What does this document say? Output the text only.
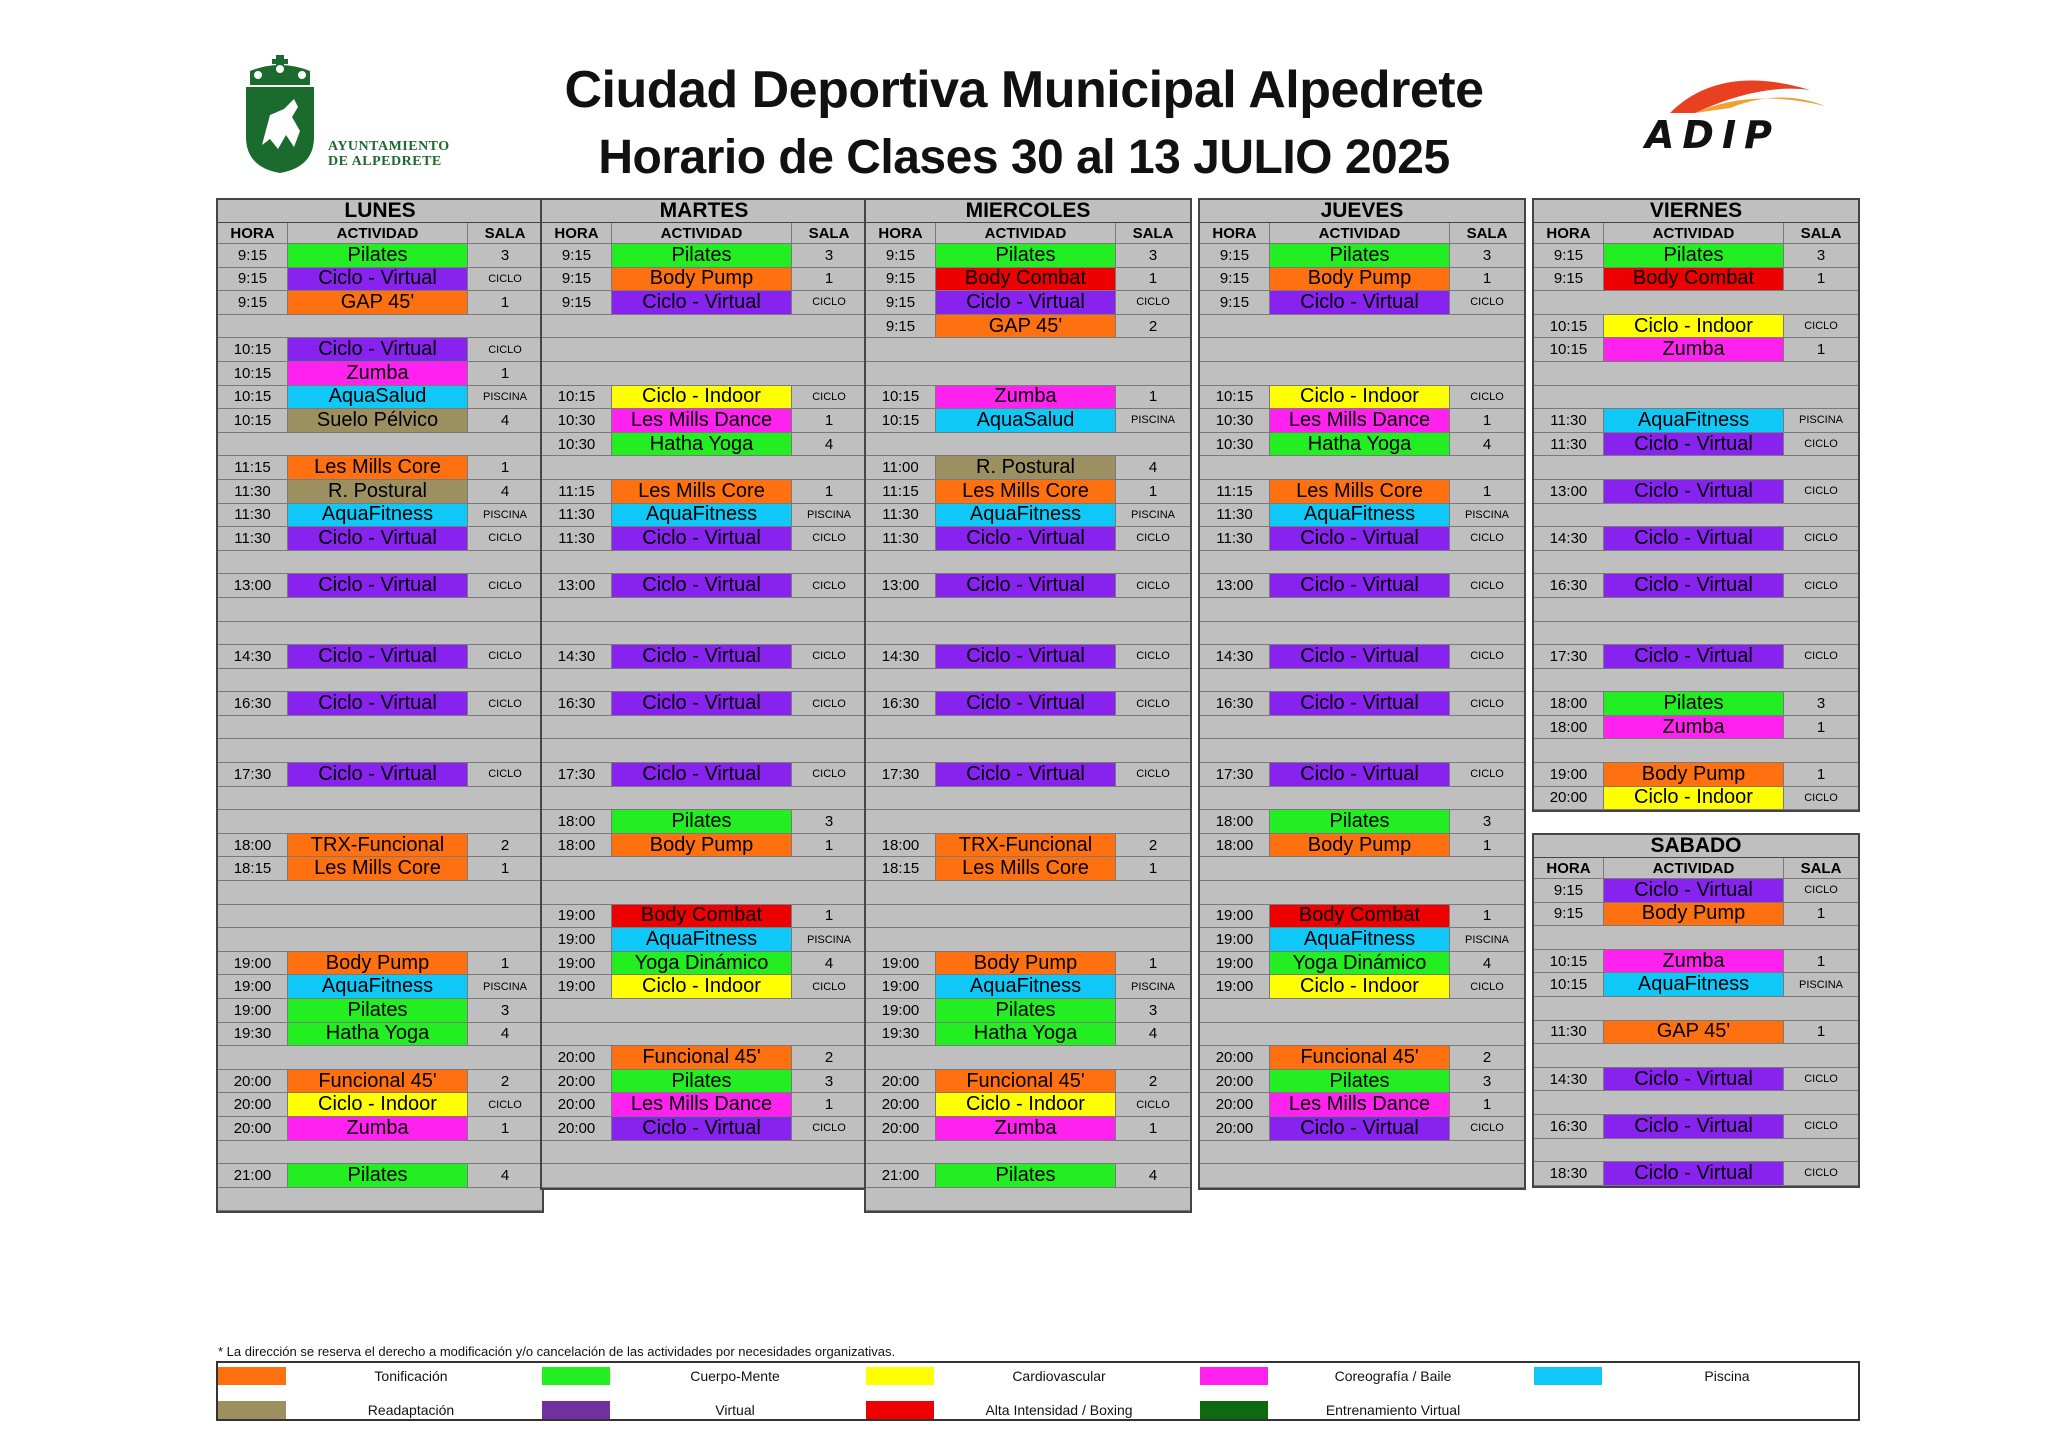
AYUNTAMIENTO
DE ALPEDRETE
Ciudad Deportiva Municipal Alpedrete
Horario de Clases 30 al 13 JULIO 2025	ADIP
LUNES
HORA	ACTIVIDAD	SALA
9:15	Pilates	3
9:15	Ciclo - Virtual	CICLO
9:15	GAP 45'	1
10:15	Ciclo - Virtual	CICLO
10:15	Zumba	1
10:15	AquaSalud	PISCINA
10:15	Suelo Pélvico	4
11:15	Les Mills Core	1
11:30	R. Postural	4
11:30	AquaFitness	PISCINA
11:30	Ciclo - Virtual	CICLO
13:00	Ciclo - Virtual	CICLO
14:30	Ciclo - Virtual	CICLO
16:30	Ciclo - Virtual	CICLO
17:30	Ciclo - Virtual	CICLO
18:00	TRX-Funcional	2
18:15	Les Mills Core	1
19:00	Body Pump	1
19:00	AquaFitness	PISCINA
19:00	Pilates	3
19:30	Hatha Yoga	4
20:00	Funcional 45'	2
20:00	Ciclo - Indoor	CICLO
20:00	Zumba	1
21:00	Pilates	4
MARTES
HORA	ACTIVIDAD	SALA
9:15	Pilates	3
9:15	Body Pump	1
9:15	Ciclo - Virtual	CICLO
10:15	Ciclo - Indoor	CICLO
10:30	Les Mills Dance	1
10:30	Hatha Yoga	4
11:15	Les Mills Core	1
11:30	AquaFitness	PISCINA
11:30	Ciclo - Virtual	CICLO
13:00	Ciclo - Virtual	CICLO
14:30	Ciclo - Virtual	CICLO
16:30	Ciclo - Virtual	CICLO
17:30	Ciclo - Virtual	CICLO
18:00	Pilates	3
18:00	Body Pump	1
19:00	Body Combat	1
19:00	AquaFitness	PISCINA
19:00	Yoga Dinámico	4
19:00	Ciclo - Indoor	CICLO
20:00	Funcional 45'	2
20:00	Pilates	3
20:00	Les Mills Dance	1
20:00	Ciclo - Virtual	CICLO
MIERCOLES
HORA	ACTIVIDAD	SALA
9:15	Pilates	3
9:15	Body Combat	1
9:15	Ciclo - Virtual	CICLO
9:15	GAP 45'	2
10:15	Zumba	1
10:15	AquaSalud	PISCINA
11:00	R. Postural	4
11:15	Les Mills Core	1
11:30	AquaFitness	PISCINA
11:30	Ciclo - Virtual	CICLO
13:00	Ciclo - Virtual	CICLO
14:30	Ciclo - Virtual	CICLO
16:30	Ciclo - Virtual	CICLO
17:30	Ciclo - Virtual	CICLO
18:00	TRX-Funcional	2
18:15	Les Mills Core	1
19:00	Body Pump	1
19:00	AquaFitness	PISCINA
19:00	Pilates	3
19:30	Hatha Yoga	4
20:00	Funcional 45'	2
20:00	Ciclo - Indoor	CICLO
20:00	Zumba	1
21:00	Pilates	4
JUEVES
HORA	ACTIVIDAD	SALA
9:15	Pilates	3
9:15	Body Pump	1
9:15	Ciclo - Virtual	CICLO
10:15	Ciclo - Indoor	CICLO
10:30	Les Mills Dance	1
10:30	Hatha Yoga	4
11:15	Les Mills Core	1
11:30	AquaFitness	PISCINA
11:30	Ciclo - Virtual	CICLO
13:00	Ciclo - Virtual	CICLO
14:30	Ciclo - Virtual	CICLO
16:30	Ciclo - Virtual	CICLO
17:30	Ciclo - Virtual	CICLO
18:00	Pilates	3
18:00	Body Pump	1
19:00	Body Combat	1
19:00	AquaFitness	PISCINA
19:00	Yoga Dinámico	4
19:00	Ciclo - Indoor	CICLO
20:00	Funcional 45'	2
20:00	Pilates	3
20:00	Les Mills Dance	1
20:00	Ciclo - Virtual	CICLO
VIERNES
HORA	ACTIVIDAD	SALA
9:15	Pilates	3
9:15	Body Combat	1
10:15	Ciclo - Indoor	CICLO
10:15	Zumba	1
11:30	AquaFitness	PISCINA
11:30	Ciclo - Virtual	CICLO
13:00	Ciclo - Virtual	CICLO
14:30	Ciclo - Virtual	CICLO
16:30	Ciclo - Virtual	CICLO
17:30	Ciclo - Virtual	CICLO
18:00	Pilates	3
18:00	Zumba	1
19:00	Body Pump	1
20:00	Ciclo - Indoor	CICLO
SABADO
HORA	ACTIVIDAD	SALA
9:15	Ciclo - Virtual	CICLO
9:15	Body Pump	1
10:15	Zumba	1
10:15	AquaFitness	PISCINA
11:30	GAP 45'	1
14:30	Ciclo - Virtual	CICLO
16:30	Ciclo - Virtual	CICLO
18:30	Ciclo - Virtual	CICLO
* La dirección se reserva el derecho a modificación y/o cancelación de las actividades por necesidades organizativas.
Tonificación	Cuerpo-Mente	Cardiovascular	Coreografía / Baile	Piscina
Readaptación	Virtual	Alta Intensidad / Boxing	Entrenamiento Virtual
